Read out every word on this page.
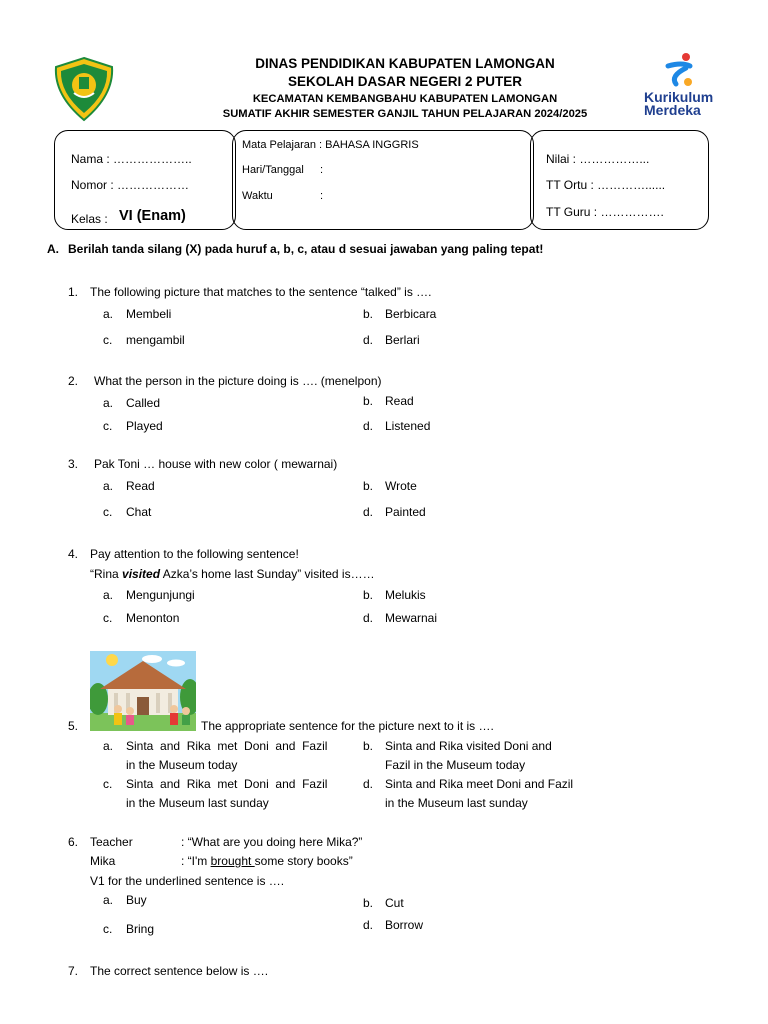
DINAS PENDIDIKAN KABUPATEN LAMONGAN
SEKOLAH DASAR NEGERI 2 PUTER
KECAMATAN KEMBANGBAHU KABUPATEN LAMONGAN
SUMATIF AKHIR SEMESTER GANJIL TAHUN PELAJARAN 2024/2025
Kurikulum
Merdeka
Nama : ………………..
Nomor : ………………
Kelas : VI (Enam)
Mata Pelajaran : BAHASA INGGRIS
Hari/Tanggal :
Waktu	:
Nilai : ……………...
TT Ortu : …………......
TT Guru : …………….
A. Berilah tanda silang (X) pada huruf a, b, c, atau d sesuai jawaban yang paling tepat!
1. The following picture that matches to the sentence “talked” is ….
a. Membeli	b. Berbicara
c. mengambil	d. Berlari
2. What the person in the picture doing is …. (menelpon)
a. Called	b. Read
c. Played	d. Listened
3. Pak Toni … house with new color ( mewarnai)
a. Read	b. Wrote
c. Chat	d. Painted
4. Pay attention to the following sentence!
“Rina visited Azka’s home last Sunday” visited is……
a. Mengunjungi	b. Melukis
c. Menonton	d. Mewarnai
5.	The appropriate sentence for the picture next to it is ….
a. Sinta  and  Rika  met  Doni  and  Fazil
in the Museum today
b. Sinta and Rika visited Doni and
Fazil in the Museum today
c. Sinta  and  Rika  met  Doni  and  Fazil
in the Museum last sunday
d. Sinta and Rika meet Doni and Fazil
in the Museum last sunday
6. Teacher	: “What are you doing here Mika?”
Mika	: “I'm brought some story books”
V1 for the underlined sentence is ….
a. Buy	b. Cut
c. Bring	d. Borrow
7. The correct sentence below is ….
